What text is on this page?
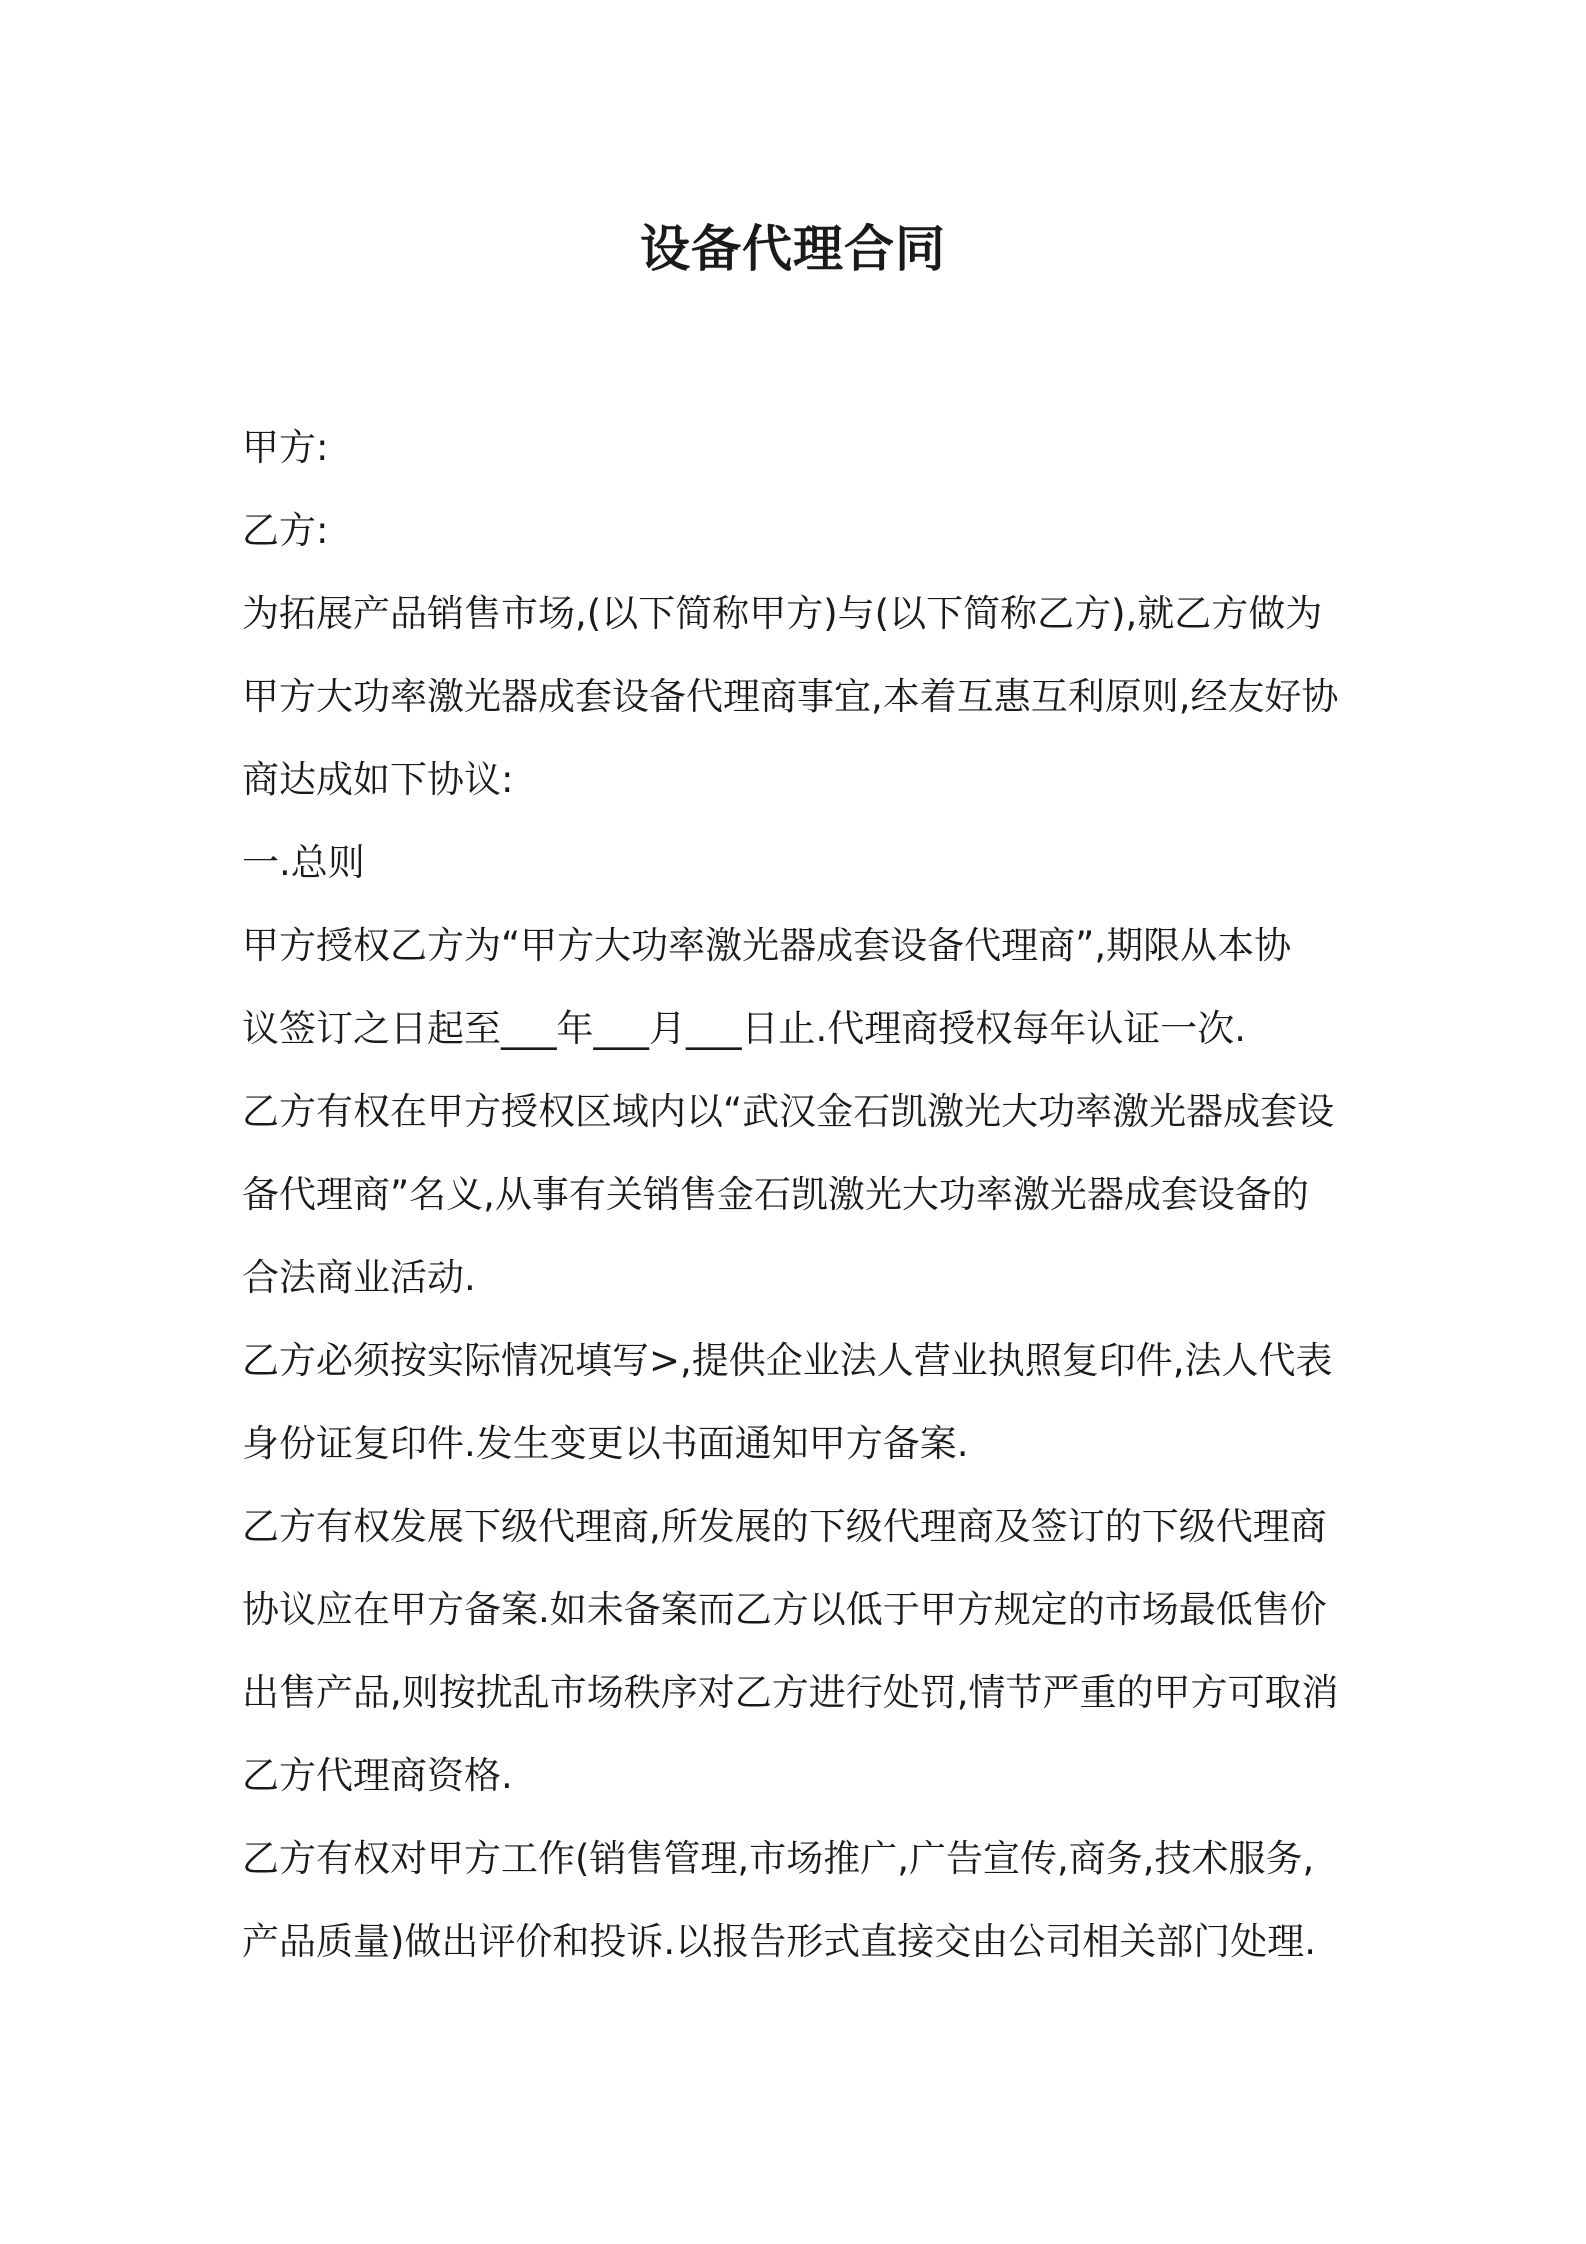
设备代理合同

甲方:

乙方:

为拓展产品销售市场,(以下简称甲方)与(以下简称乙方),就乙方做为

甲方大功率激光器成套设备代理商事宜,本着互惠互利原则,经友好协

商达成如下协议:

一.总则

甲方授权乙方为“甲方大功率激光器成套设备代理商”,期限从本协

议签订之日起至___年___月___日止.代理商授权每年认证一次.

乙方有权在甲方授权区域内以“武汉金石凯激光大功率激光器成套设

备代理商”名义,从事有关销售金石凯激光大功率激光器成套设备的

合法商业活动.

乙方必须按实际情况填写>,提供企业法人营业执照复印件,法人代表

身份证复印件.发生变更以书面通知甲方备案.

乙方有权发展下级代理商,所发展的下级代理商及签订的下级代理商

协议应在甲方备案.如未备案而乙方以低于甲方规定的市场最低售价

出售产品,则按扰乱市场秩序对乙方进行处罚,情节严重的甲方可取消

乙方代理商资格.

乙方有权对甲方工作(销售管理,市场推广,广告宣传,商务,技术服务,

产品质量)做出评价和投诉.以报告形式直接交由公司相关部门处理.
